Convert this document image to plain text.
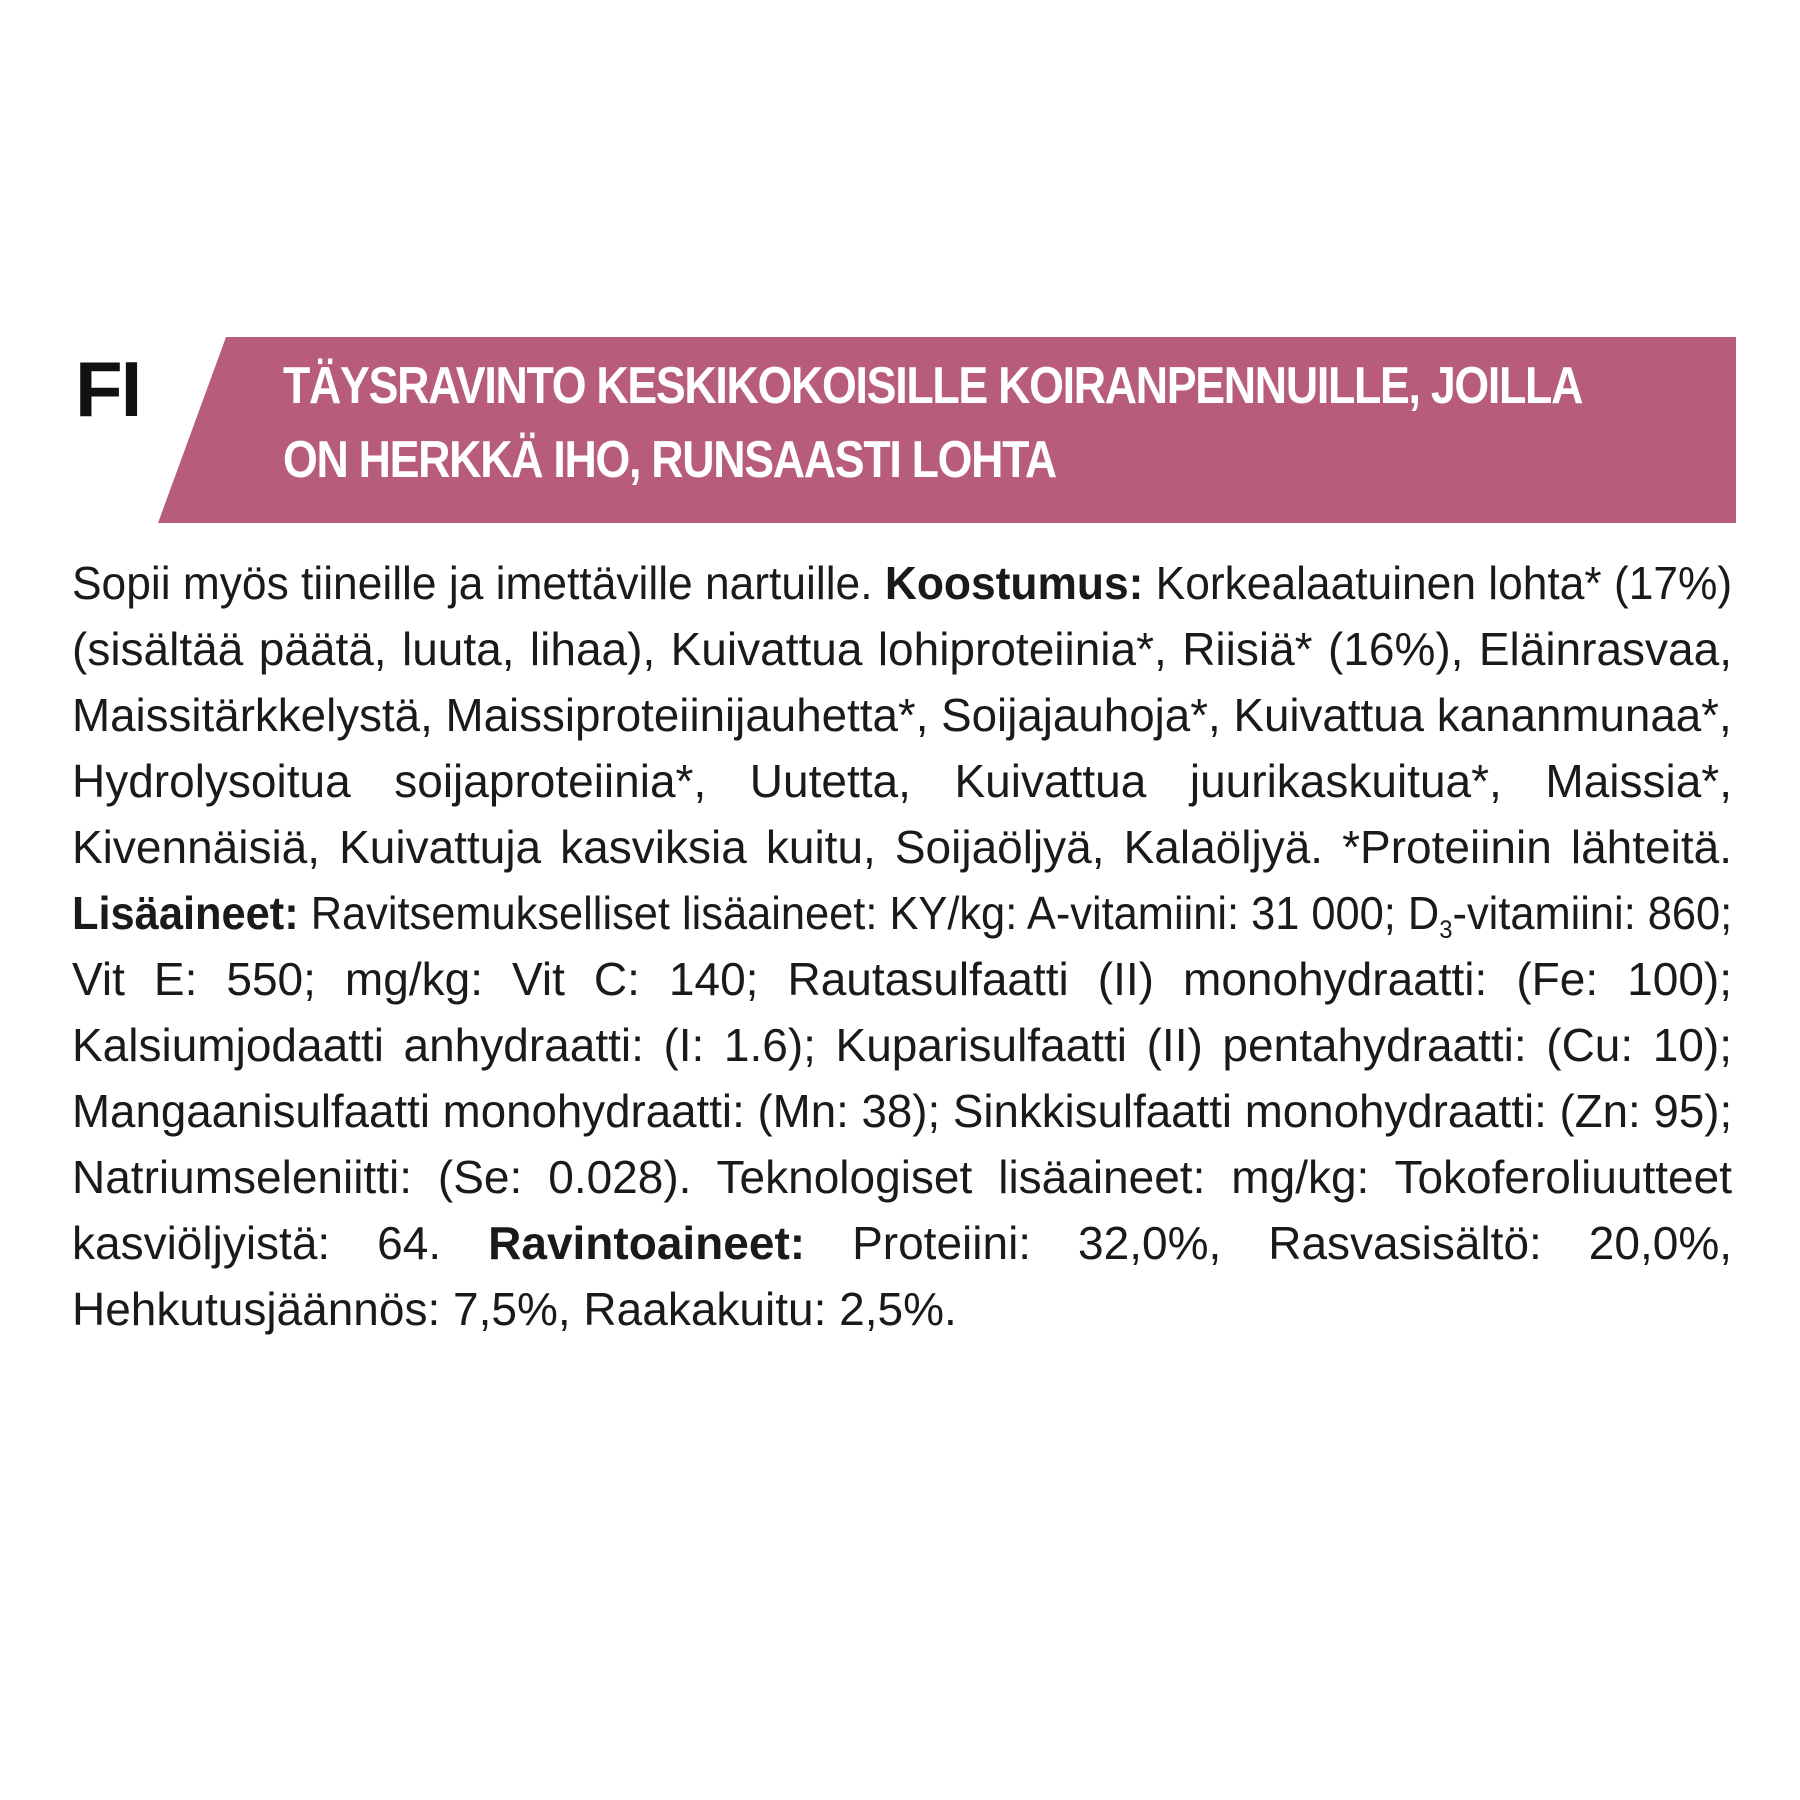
FI	TÄYSRAVINTO KESKIKOKOISILLE KOIRANPENNUILLE, JOILLA
ON HERKKÄ IHO, RUNSAASTI LOHTA
Sopii myös tiineille ja imettäville nartuille. Koostumus: Korkealaatuinen lohta* (17%)
(sisältää päätä, luuta, lihaa), Kuivattua lohiproteiinia*, Riisiä* (16%), Eläinrasvaa,
Maissitärkkelystä, Maissiproteiinijauhetta*, Soijajauhoja*, Kuivattua kananmunaa*,
Hydrolysoitua soijaproteiinia*, Uutetta, Kuivattua juurikaskuitua*, Maissia*,
Kivennäisiä, Kuivattuja kasviksia kuitu, Soijaöljyä, Kalaöljyä. *Proteiinin lähteitä.
Lisäaineet: Ravitsemukselliset lisäaineet: KY/kg: A-vitamiini: 31 000; $D_3$-vitamiini: 860;
Vit E: 550; mg/kg: Vit C: 140; Rautasulfaatti (II) monohydraatti: (Fe: 100);
Kalsiumjodaatti anhydraatti: (I: 1.6); Kuparisulfaatti (II) pentahydraatti: (Cu: 10);
Mangaanisulfaatti monohydraatti: (Mn: 38); Sinkkisulfaatti monohydraatti: (Zn: 95);
Natriumseleniitti: (Se: 0.028). Teknologiset lisäaineet: mg/kg: Tokoferoliuutteet
kasviöljyistä: 64. Ravintoaineet: Proteiini: 32,0%, Rasvasisältö: 20,0%,
Hehkutusjäännös: 7,5%, Raakakuitu: 2,5%.
